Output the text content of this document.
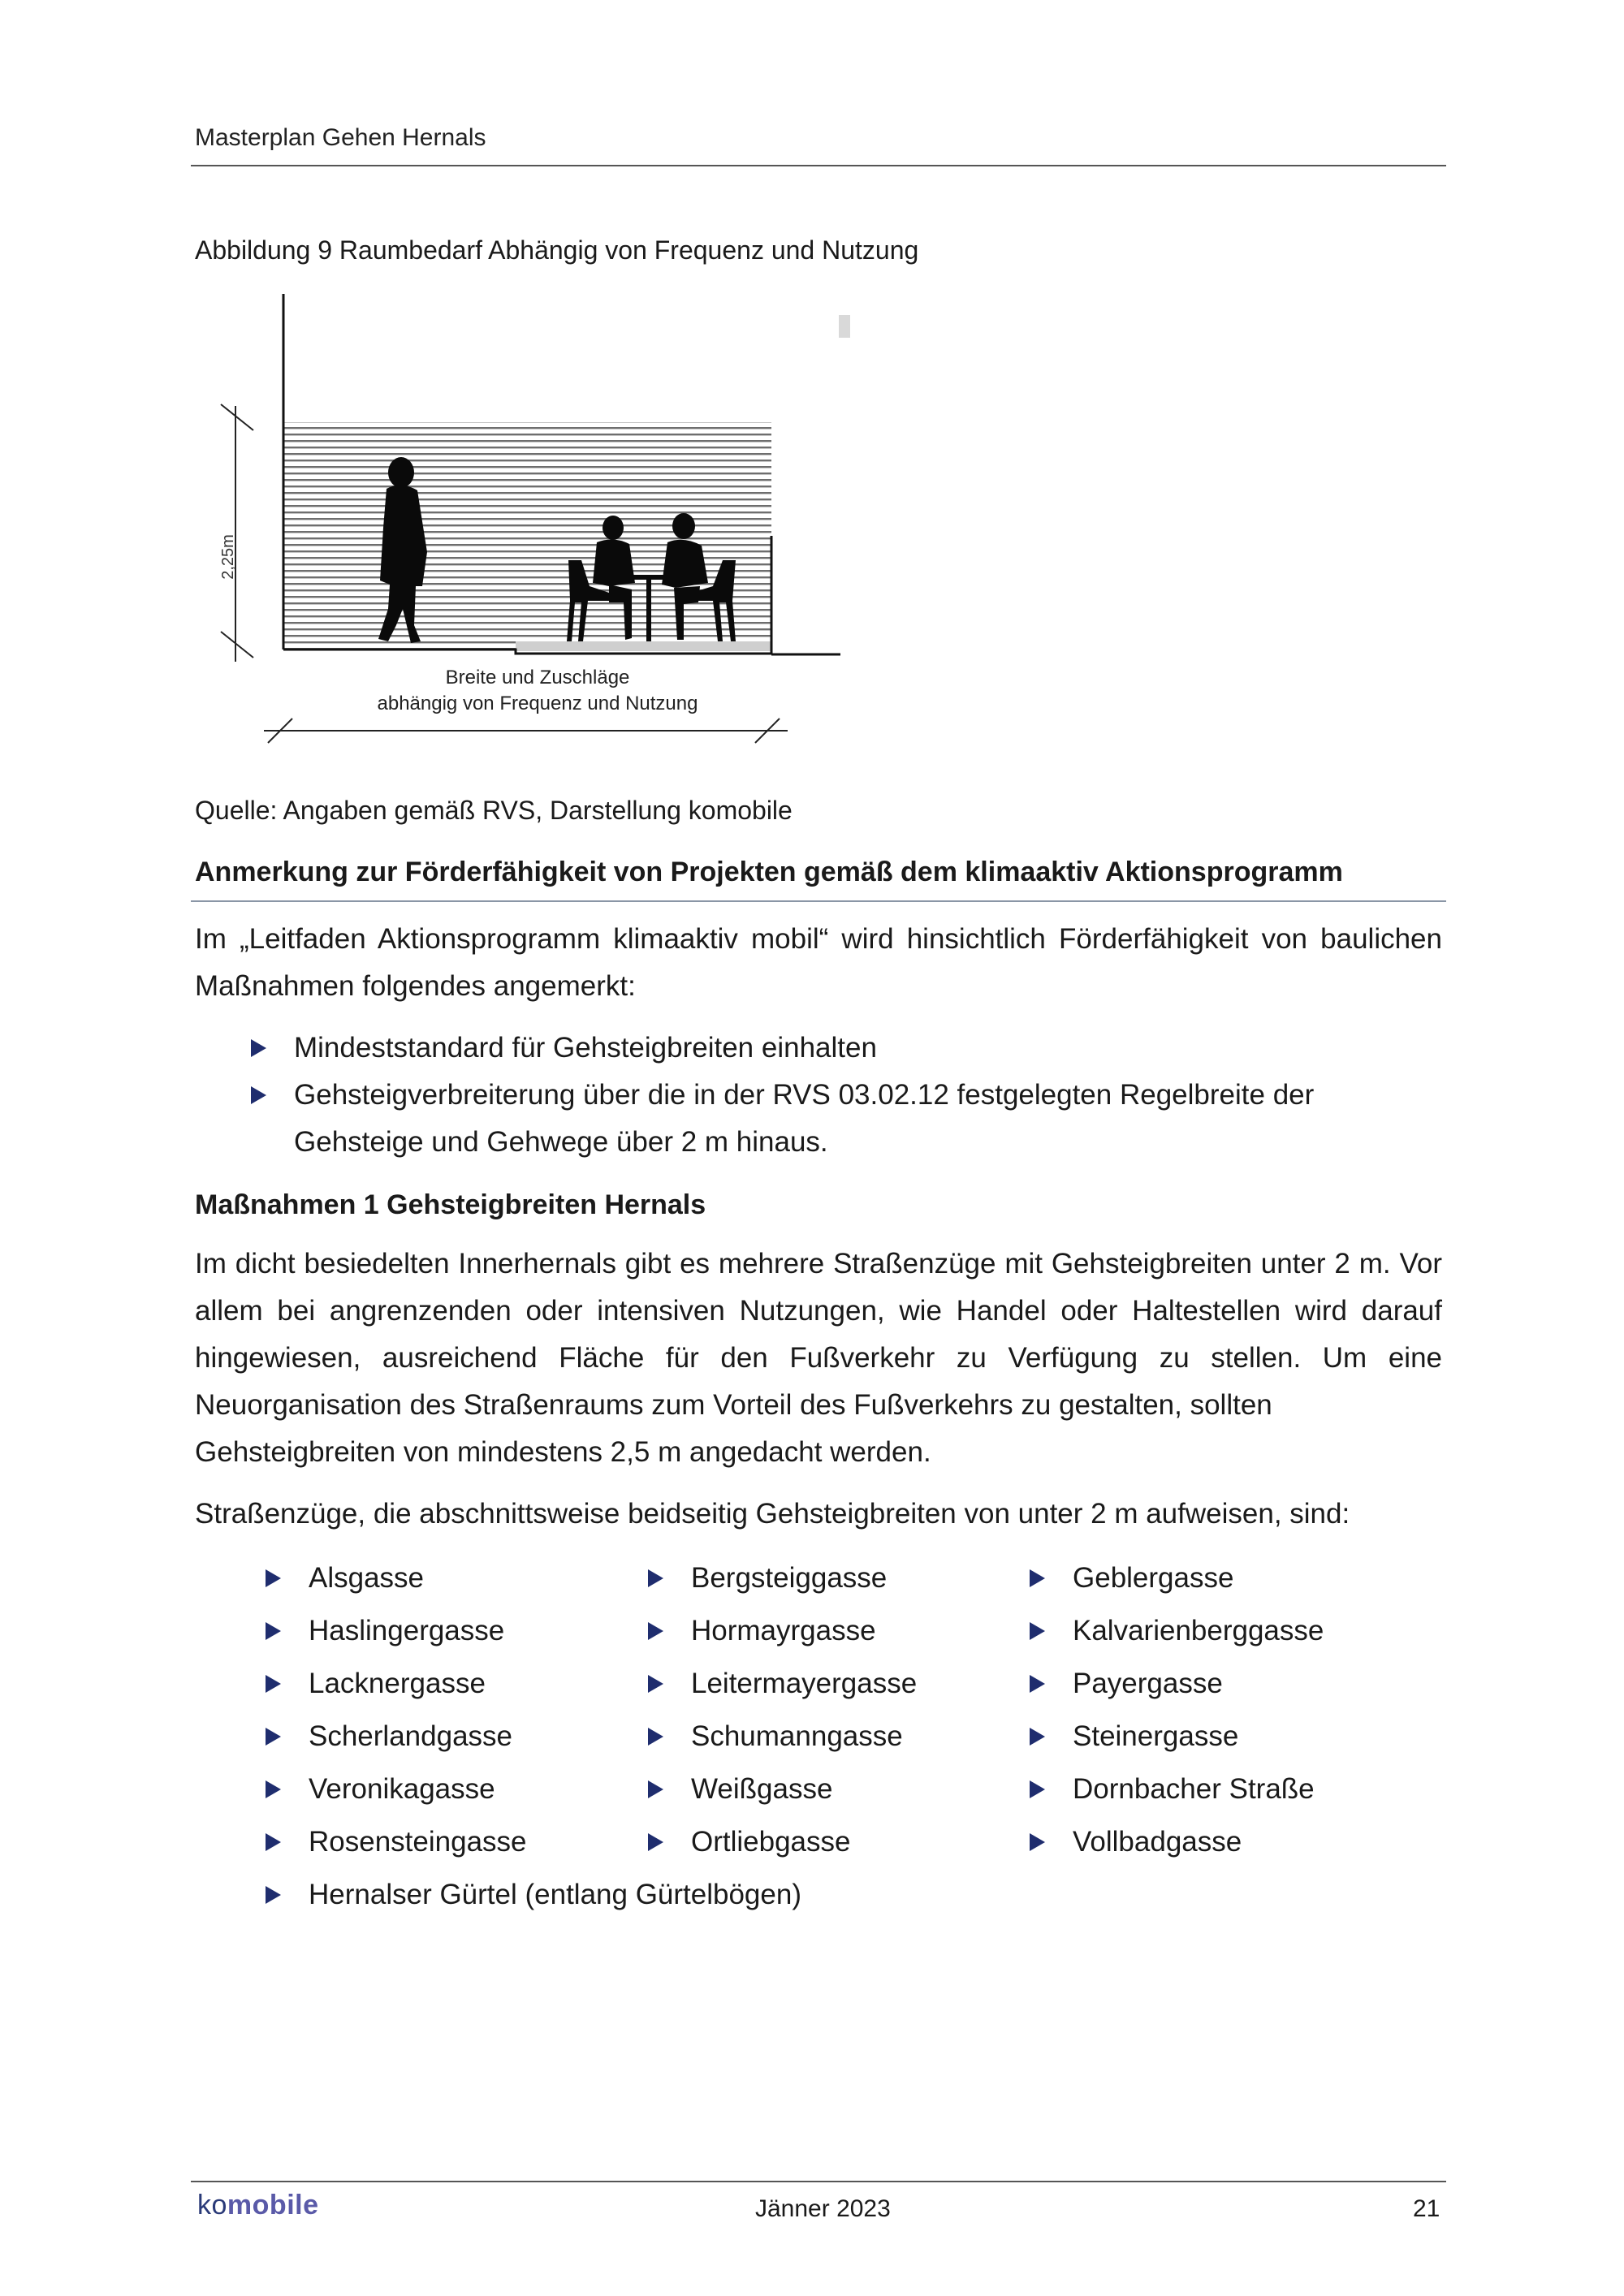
Masterplan Gehen Hernals
Abbildung 9 Raumbedarf Abhängig von Frequenz und Nutzung
2,25m
Breite und Zuschläge
abhängig von Frequenz und Nutzung
Quelle: Angaben gemäß RVS, Darstellung komobile
Anmerkung zur Förderfähigkeit von Projekten gemäß dem klimaaktiv Aktionsprogramm
Im „Leitfaden Aktionsprogramm klimaaktiv mobil“ wird hinsichtlich Förderfähigkeit von baulichen Maßnahmen folgendes angemerkt:
Mindeststandard für Gehsteigbreiten einhalten
Gehsteigverbreiterung über die in der RVS 03.02.12 festgelegten Regelbreite der Gehsteige und Gehwege über 2 m hinaus.
Maßnahmen 1 Gehsteigbreiten Hernals
Im dicht besiedelten Innerhernals gibt es mehrere Straßenzüge mit Gehsteigbreiten unter 2 m. Vor allem bei angrenzenden oder intensiven Nutzungen, wie Handel oder Haltestellen wird darauf hingewiesen, ausreichend Fläche für den Fußverkehr zu Verfügung zu stellen. Um eine Neuorganisation des Straßenraums zum Vorteil des Fußverkehrs zu gestalten, sollten
Gehsteigbreiten von mindestens 2,5 m angedacht werden.
Straßenzüge, die abschnittsweise beidseitig Gehsteigbreiten von unter 2 m aufweisen, sind:
Alsgasse
Haslingergasse
Lacknergasse
Scherlandgasse
Veronikagasse
Rosensteingasse
Bergsteiggasse
Hormayrgasse
Leitermayergasse
Schumanngasse
Weißgasse
Ortliebgasse
Geblergasse
Kalvarienberggasse
Payergasse
Steinergasse
Dornbacher Straße
Vollbadgasse
Hernalser Gürtel (entlang Gürtelbögen)
komobile	Jänner 2023	21
